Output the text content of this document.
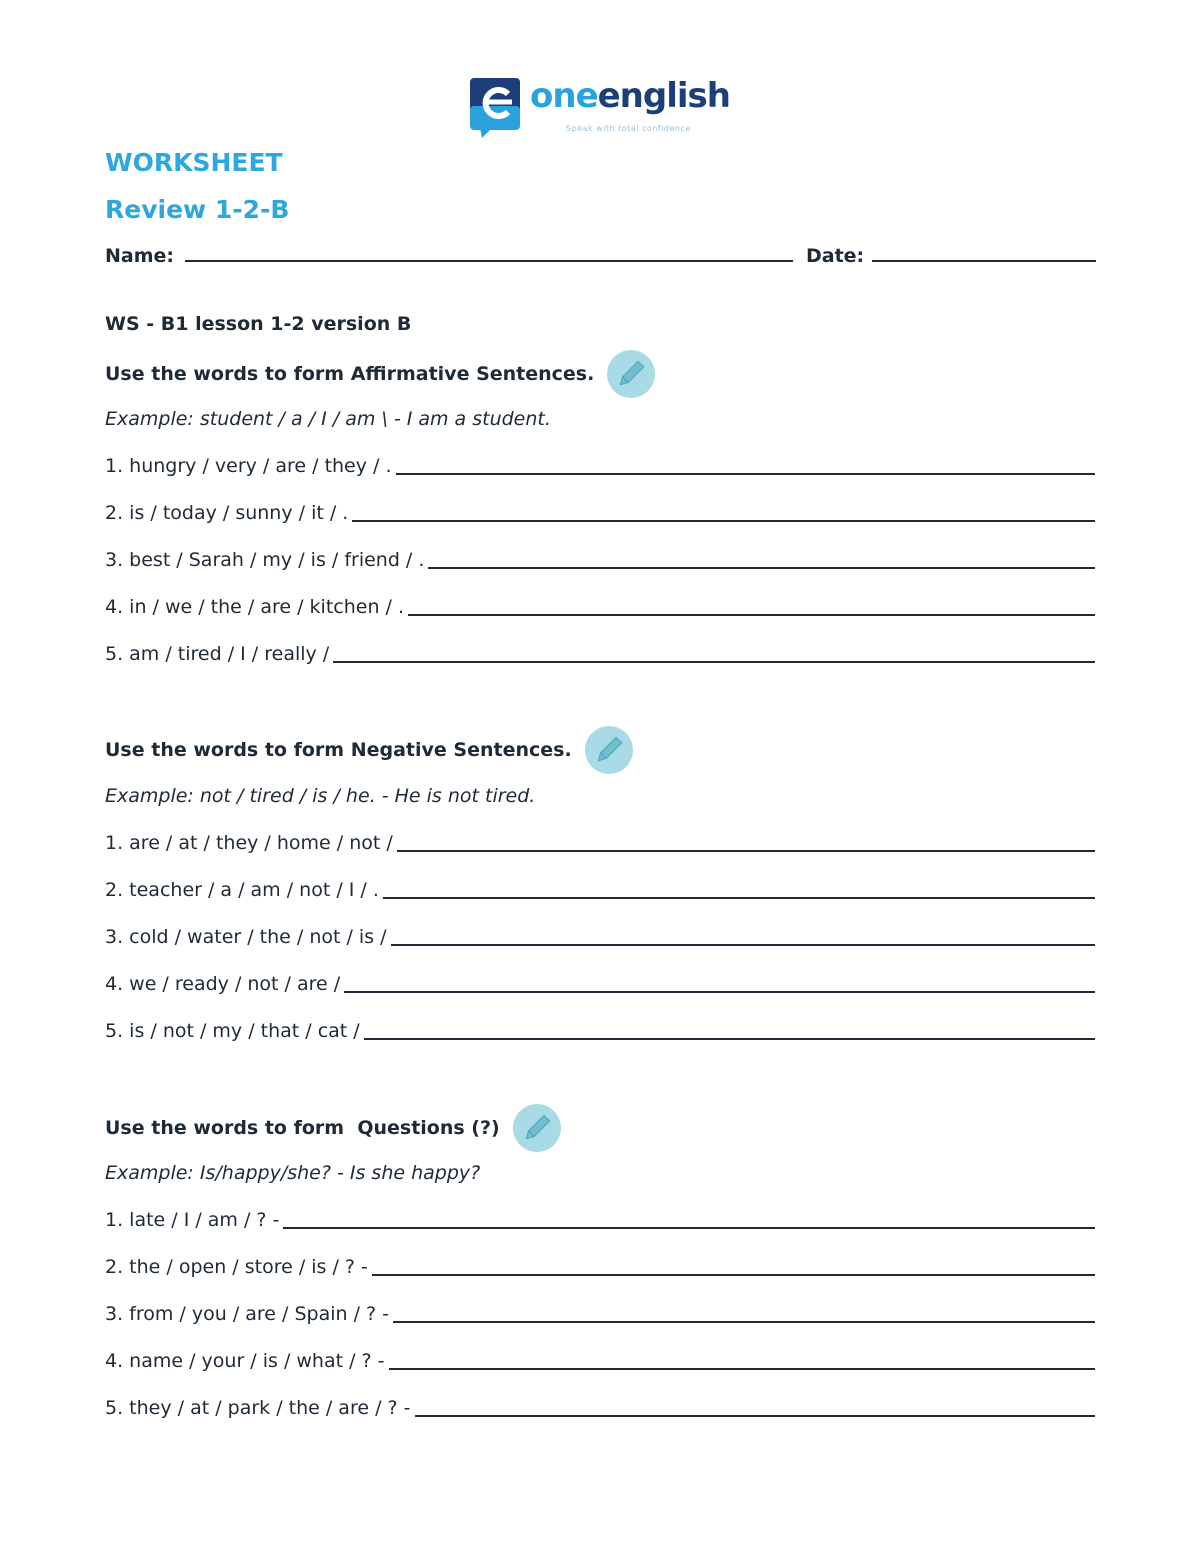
oneenglish
Speak with total confidence
WORKSHEET
Review 1-2-B
Name:	Date:
WS - B1 lesson 1-2 version B
Use the words to form Affirmative Sentences.
Example: student / a / I / am \ - I am a student.
1. hungry / very / are / they / .
2. is / today / sunny / it / .
3. best / Sarah / my / is / friend / .
4. in / we / the / are / kitchen / .
5. am / tired / I / really /
Use the words to form Negative Sentences.
Example: not / tired / is / he. - He is not tired.
1. are / at / they / home / not /
2. teacher / a / am / not / I / .
3. cold / water / the / not / is /
4. we / ready / not / are /
5. is / not / my / that / cat /
Use the words to form  Questions (?)
Example: Is/happy/she? - Is she happy?
1. late / I / am / ? -
2. the / open / store / is / ? -
3. from / you / are / Spain / ? -
4. name / your / is / what / ? -
5. they / at / park / the / are / ? -
